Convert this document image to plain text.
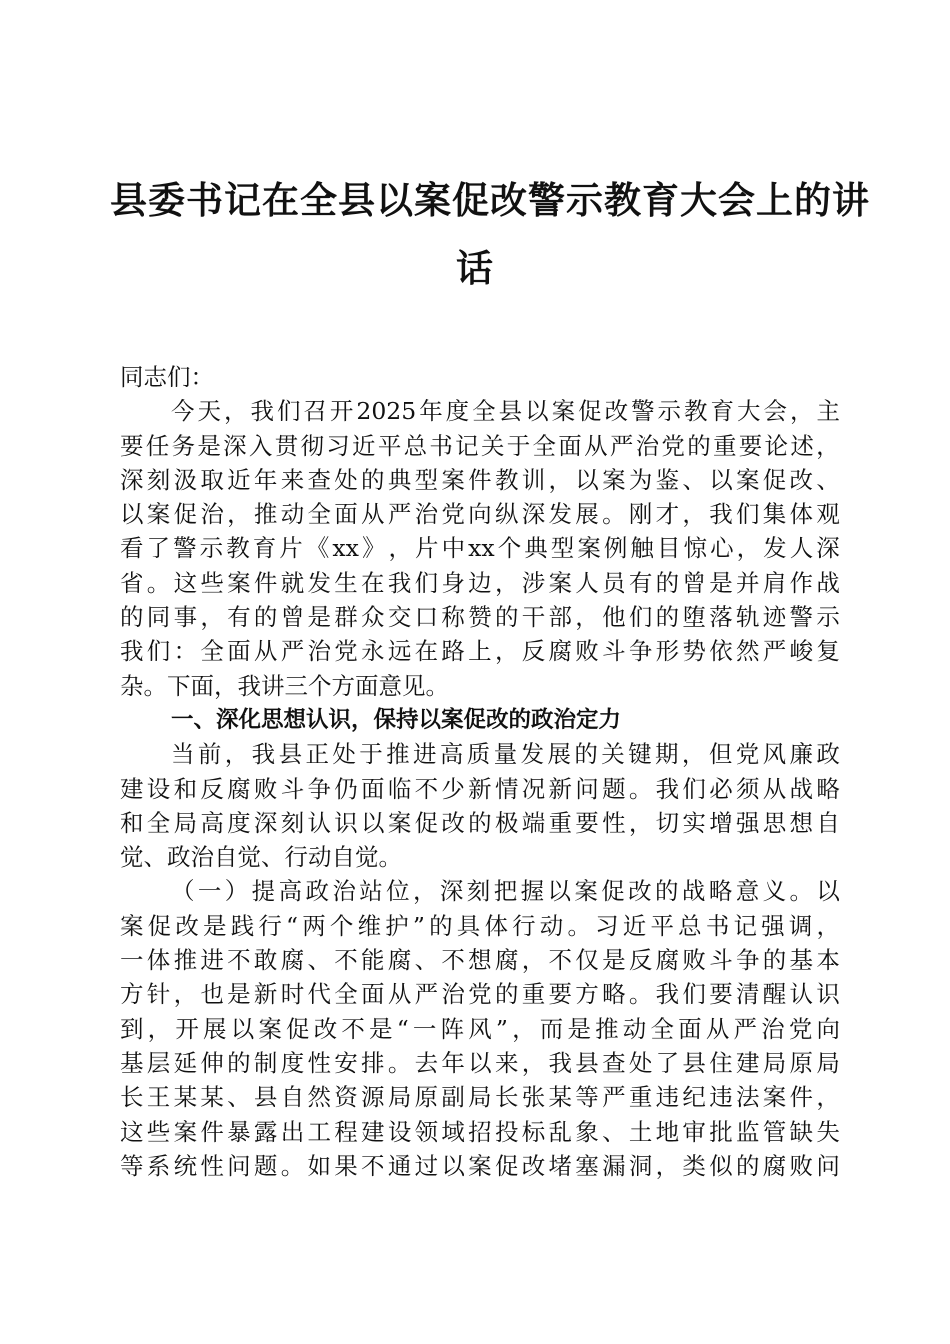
县委书记在全县以案促改警示教育大会上的讲
话
同志们：
今 天 ， 我 们 召 开 2025 年 度 全 县 以 案 促 改 警 示 教 育 大 会 ， 主
要 任 务 是 深 入 贯 彻 习 近 平 总 书 记 关 于 全 面 从 严 治 党 的 重 要 论 述 ，
深 刻 汲 取 近 年 来 查 处 的 典 型 案 件 教 训 ， 以 案 为 鉴 、 以 案 促 改 、
以 案 促 治 ， 推 动 全 面 从 严 治 党 向 纵 深 发 展 。 刚 才 ， 我 们 集 体 观
看 了 警 示 教 育 片 《 xx 》 ， 片 中 xx 个 典 型 案 例 触 目 惊 心 ， 发 人 深
省 。 这 些 案 件 就 发 生 在 我 们 身 边 ， 涉 案 人 员 有 的 曾 是 并 肩 作 战
的 同 事 ， 有 的 曾 是 群 众 交 口 称 赞 的 干 部 ， 他 们 的 堕 落 轨 迹 警 示
我 们 ： 全 面 从 严 治 党 永 远 在 路 上 ， 反 腐 败 斗 争 形 势 依 然 严 峻 复
杂。下面，我讲三个方面意见。
一、深化思想认识，保持以案促改的政治定力
当 前 ， 我 县 正 处 于 推 进 高 质 量 发 展 的 关 键 期 ， 但 党 风 廉 政
建 设 和 反 腐 败 斗 争 仍 面 临 不 少 新 情 况 新 问 题 。 我 们 必 须 从 战 略
和 全 局 高 度 深 刻 认 识 以 案 促 改 的 极 端 重 要 性 ， 切 实 增 强 思 想 自
觉、政治自觉、行动自觉。
（ 一 ） 提 高 政 治 站 位 ， 深 刻 把 握 以 案 促 改 的 战 略 意 义 。 以
案 促 改 是 践 行 “ 两 个 维 护 ” 的 具 体 行 动 。 习 近 平 总 书 记 强 调 ，
一 体 推 进 不 敢 腐 、 不 能 腐 、 不 想 腐 ， 不 仅 是 反 腐 败 斗 争 的 基 本
方 针 ， 也 是 新 时 代 全 面 从 严 治 党 的 重 要 方 略 。 我 们 要 清 醒 认 识
到 ， 开 展 以 案 促 改 不 是 “ 一 阵 风 ” ， 而 是 推 动 全 面 从 严 治 党 向
基 层 延 伸 的 制 度 性 安 排 。 去 年 以 来 ， 我 县 查 处 了 县 住 建 局 原 局
长 王 某 某 、 县 自 然 资 源 局 原 副 局 长 张 某 等 严 重 违 纪 违 法 案 件 ，
这 些 案 件 暴 露 出 工 程 建 设 领 域 招 投 标 乱 象 、 土 地 审 批 监 管 缺 失
等 系 统 性 问 题 。 如 果 不 通 过 以 案 促 改 堵 塞 漏 洞 ， 类 似 的 腐 败 问
